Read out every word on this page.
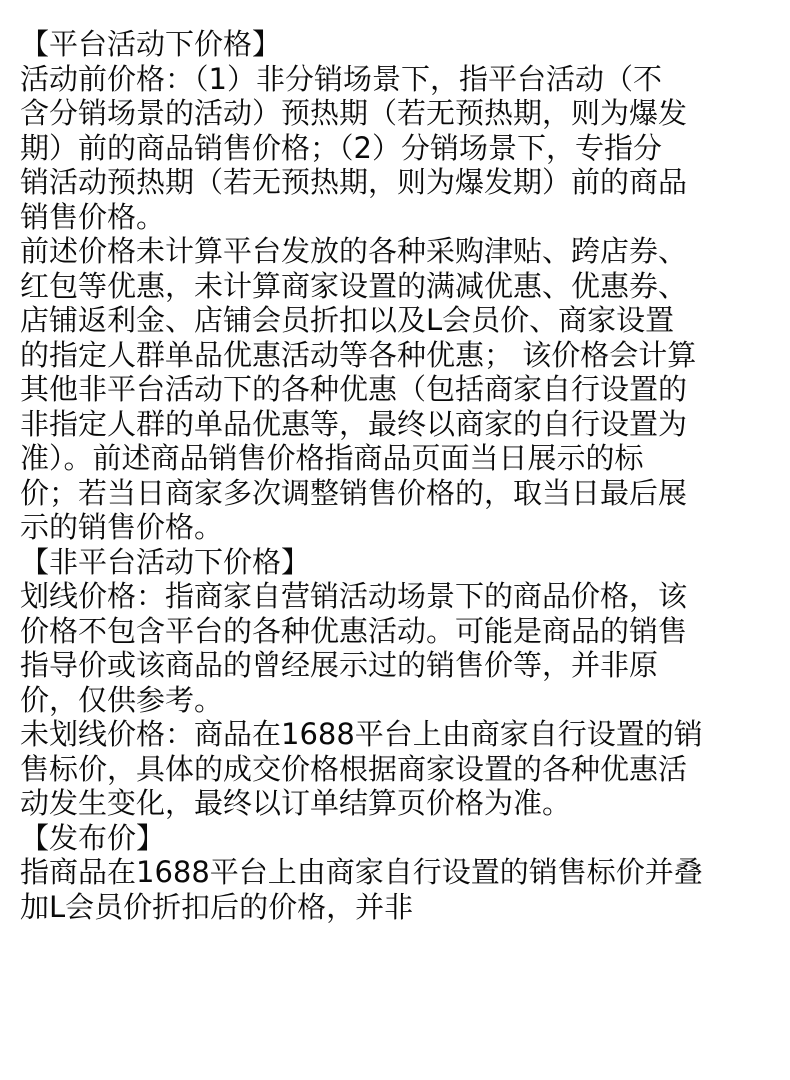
【平台活动下价格】
活动前价格：（1）非分销场景下，指平台活动（不
含分销场景的活动）预热期（若无预热期，则为爆发
期）前的商品销售价格；（2）分销场景下，专指分
销活动预热期（若无预热期，则为爆发期）前的商品
销售价格。
前述价格未计算平台发放的各种采购津贴、跨店券、
红包等优惠，未计算商家设置的满减优惠、优惠券、
店铺返利金、店铺会员折扣以及L会员价、商家设置
的指定人群单品优惠活动等各种优惠； 该价格会计算
其他非平台活动下的各种优惠（包括商家自行设置的
非指定人群的单品优惠等，最终以商家的自行设置为
准）。前述商品销售价格指商品页面当日展示的标
价；若当日商家多次调整销售价格的，取当日最后展
示的销售价格。
【非平台活动下价格】
划线价格：指商家自营销活动场景下的商品价格，该
价格不包含平台的各种优惠活动。可能是商品的销售
指导价或该商品的曾经展示过的销售价等，并非原
价，仅供参考。
未划线价格：商品在1688平台上由商家自行设置的销
售标价，具体的成交价格根据商家设置的各种优惠活
动发生变化，最终以订单结算页价格为准。
【发布价】
指商品在1688平台上由商家自行设置的销售标价并叠
加L会员价折扣后的价格，并非
